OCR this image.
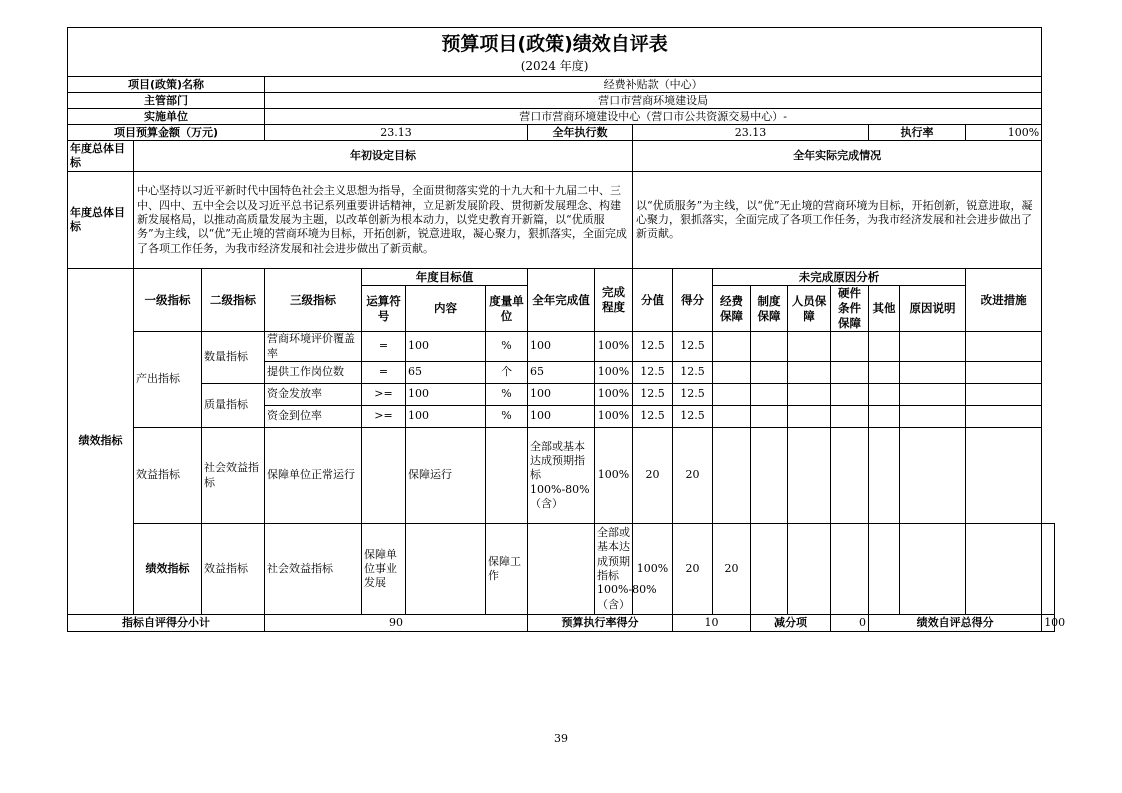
预算项目(政策)绩效自评表																		
(2024 年度)																		
项目(政策)名称			经费补贴款（中心）															
主管部门			营口市营商环境建设局															
实施单位			营口市营商环境建设中心（营口市公共资源交易中心）-															
项目预算金额（万元)			23.13				全年执行数		23.13						执行率		100%	
年度总体目标	年初设定目标								全年实际完成情况									
年度总体目标	中心坚持以习近平新时代中国特色社会主义思想为指导，全面贯彻落实党的十九大和十九届二中、三中、四中、五中全会以及习近平总书记系列重要讲话精神，立足新发展阶段、贯彻新发展理念、构建新发展格局，以推动高质量发展为主题，以改革创新为根本动力，以党史教育开新篇，以“优质服务”为主线，以“优”无止境的营商环境为目标，开拓创新，锐意进取，凝心聚力，狠抓落实，全面完成了各项工作任务，为我市经济发展和社会进步做出了新贡献。								以“优质服务”为主线，以“优”无止境的营商环境为目标，开拓创新，锐意进取，凝心聚力，狠抓落实，全面完成了各项工作任务，为我市经济发展和社会进步做出了新贡献。									
绩效指标	一级指标	二级指标	三级指标	年度目标值			全年完成值	完成程度	分值	得分	未完成原因分析						改进措施	
				运算符号	内容	度量单位					经费保障	制度保障	人员保障	硬件条件保障	其他	原因说明		

	产出指标	数量指标	营商环境评价覆盖率	=	100	%	100	100%	12.5	12.5								
			提供工作岗位数	=	65	个	65	100%	12.5	12.5								
		质量指标	资金发放率	>=	100	%	100	100%	12.5	12.5								
			资金到位率	>=	100	%	100	100%	12.5	12.5								
	效益指标	社会效益指标	保障单位正常运行		保障运行		全部或基本达成预期指标100%-80%（含）	100%	20	20								
	绩效指标	效益指标	社会效益指标	保障单位事业发展		保障工作		全部或基本达成预期指标100%-80%（含）	100%	20	20							
指标自评得分小计			90				预算执行率得分			10		减分项		0	绩效自评总得分			100
39
